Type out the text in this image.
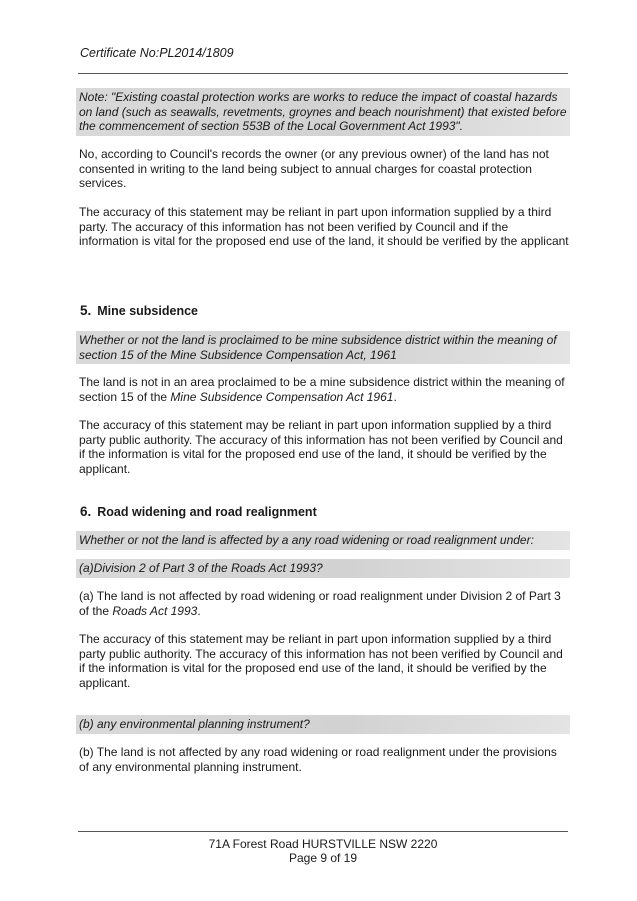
Certificate No:PL2014/1809
Note: "Existing coastal protection works are works to reduce the impact of coastal hazards on land (such as seawalls, revetments, groynes and beach nourishment) that existed before the commencement of section 553B of the Local Government Act 1993".

No, according to Council's records the owner (or any previous owner) of the land has not consented in writing to the land being subject to annual charges for coastal protection services.

The accuracy of this statement may be reliant in part upon information supplied by a third party. The accuracy of this information has not been verified by Council and if the information is vital for the proposed end use of the land, it should be verified by the applicant

5. Mine subsidence
Whether or not the land is proclaimed to be mine subsidence district within the meaning of section 15 of the Mine Subsidence Compensation Act, 1961

The land is not in an area proclaimed to be a mine subsidence district within the meaning of section 15 of the Mine Subsidence Compensation Act 1961.

The accuracy of this statement may be reliant in part upon information supplied by a third party public authority. The accuracy of this information has not been verified by Council and if the information is vital for the proposed end use of the land, it should be verified by the applicant.

6. Road widening and road realignment
Whether or not the land is affected by a any road widening or road realignment under:
(a)Division 2 of Part 3 of the Roads Act 1993?

(a) The land is not affected by road widening or road realignment under Division 2 of Part 3 of the Roads Act 1993.

The accuracy of this statement may be reliant in part upon information supplied by a third party public authority. The accuracy of this information has not been verified by Council and if the information is vital for the proposed end use of the land, it should be verified by the applicant.

(b) any environmental planning instrument?

(b) The land is not affected by any road widening or road realignment under the provisions of any environmental planning instrument.

71A Forest Road HURSTVILLE NSW 2220
Page 9 of 19
